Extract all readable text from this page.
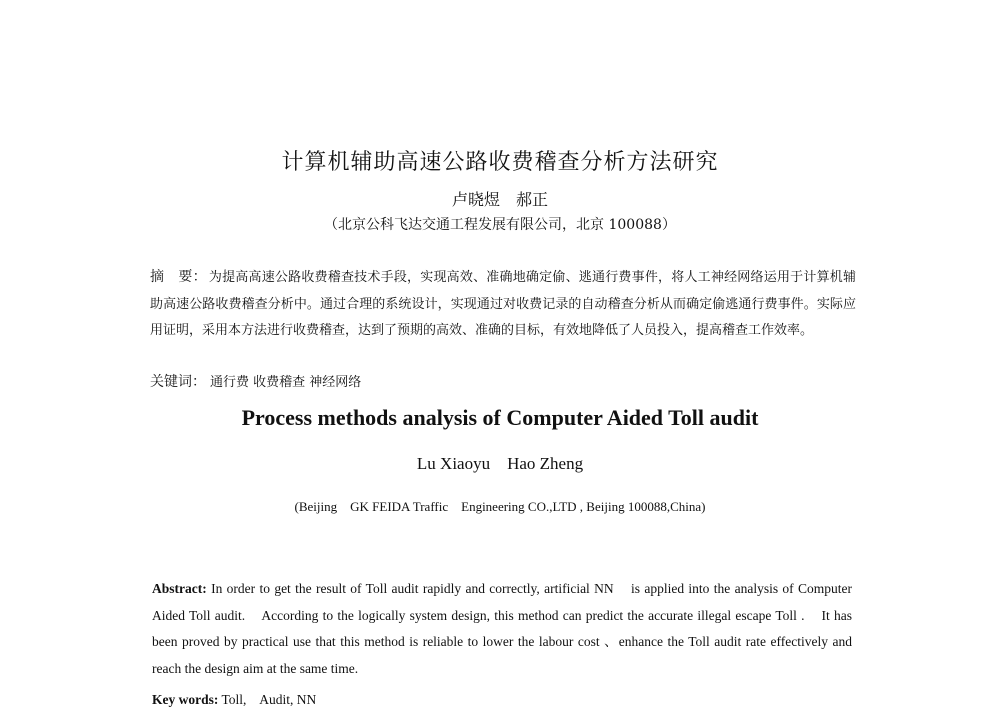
计算机辅助高速公路收费稽查分析方法研究
卢晓煜　郝正
（北京公科飞达交通工程发展有限公司，北京 100088）
摘　要： 为提高高速公路收费稽查技术手段，实现高效、准确地确定偷、逃通行费事件，将人工神经网络运用于计算机辅助高速公路收费稽查分析中。通过合理的系统设计，实现通过对收费记录的自动稽查分析从而确定偷逃通行费事件。实际应用证明，采用本方法进行收费稽查，达到了预期的高效、准确的目标，有效地降低了人员投入，提高稽查工作效率。
关键词： 通行费 收费稽查 神经网络
Process methods analysis of Computer Aided Toll audit
Lu Xiaoyu    Hao Zheng
(Beijing    GK FEIDA Traffic    Engineering CO.,LTD , Beijing 100088,China)
Abstract: In order to get the result of Toll audit rapidly and correctly, artificial NN    is applied into the analysis of Computer Aided Toll audit.    According to the logically system design, this method can predict the accurate illegal escape Toll .    It has been proved by practical use that this method is reliable to lower the labour cost 、enhance the Toll audit rate effectively and reach the design aim at the same time.
Key words: Toll,    Audit, NN
